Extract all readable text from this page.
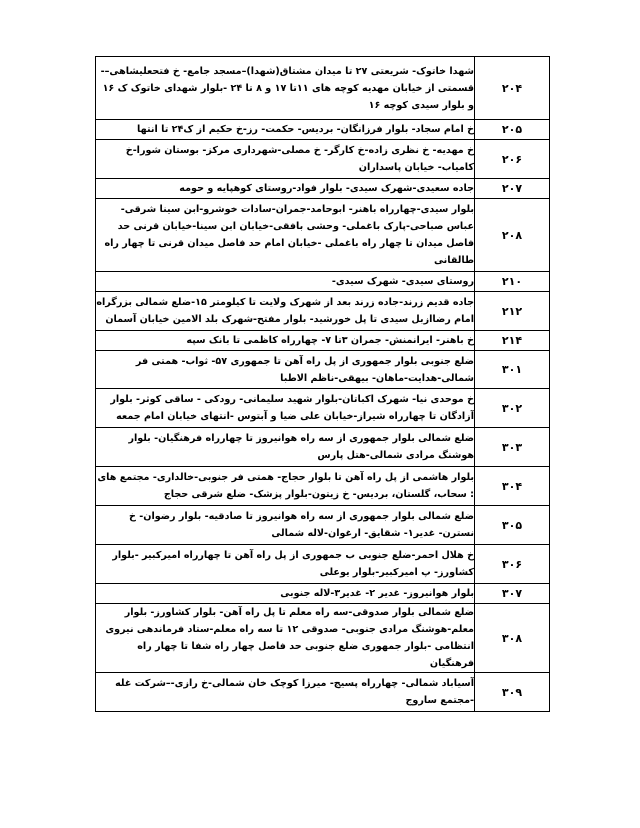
۲۰۴	شهدا خاتوک- شریعتی ۲۷ تا میدان مشتاق(شهدا)–مسجد جامع- خ فتحعلیشاهی–- قسمتی از خیابان مهدیه کوچه های ۱۱تا ۱۷ و ۸ تا ۲۴ -بلوار شهدای خاتوک ک ۱۶ و بلوار سیدی کوچه ۱۶
۲۰۵	خ امام سجاد- بلوار فرزانگان- بردیس- حکمت- رز-خ حکیم از ک۲۴ تا انتها
۲۰۶	خ مهدیه- خ نظری زاده-خ کارگر- خ مصلی-شهرداری مرکز- بوستان شورا-خ کامیاب- خیابان پاسداران
۲۰۷	جاده سعیدی-شهرک سیدی- بلوار فواد-روستای کوهپایه و حومه
۲۰۸	بلوار سیدی-چهارراه باهنر- ابوحامد-جمران-سادات خوشرو-ابن سینا شرقی-عباس صباحی-پارک باغملی- وحشی بافقی-خیابان ابن سینا-خیابان قرنی حد فاصل میدان تا چهار راه باغملی -خیابان امام حد فاصل میدان قرنی تا چهار راه طالقانی
۲۱۰	روستای سیدی- شهرک سیدی-
۲۱۲	جاده قدیم زرند-جاده زرند بعد از شهرک ولایت تا کیلومتر ۱۵-ضلع شمالی بزرگراه امام رضاازبل سیدی تا پل خورشید- بلوار مفتح-شهرک بلد الامین خیابان آسمان
۲۱۴	خ باهنر- ایرانمنش- جمران ۳تا ۷- چهارراه کاظمی تا بانک سپه
۳۰۱	ضلع جنوبی بلوار جمهوری از پل راه آهن تا جمهوری ۵۷- ثواب- همتی فر شمالی-هدایت-ماهان- بیهقی-ناظم الاطبا
۳۰۲	خ موحدی نیا- شهرک اکباتان-بلوار شهید سلیمانی- رودکی - ساقی کوثر- بلوار آزادگان تا چهارراه شیراز-خیابان علی ضیا و آبتوس -انتهای خیابان امام جمعه
۳۰۳	ضلع شمالی بلوار جمهوری از سه راه هوانیروز تا چهارراه فرهنگیان- بلوار هوشنگ مرادی شمالی-هتل پارس
۳۰۴	بلوار هاشمی از پل راه آهن تا بلوار حجاج- همتی فر جنوبی-خالداری- مجتمع های : سحاب، گلستان، بردیس- خ زیتون-بلوار پزشک- ضلع شرقی حجاج
۳۰۵	ضلع شمالی بلوار جمهوری از سه راه هوانیروز تا صادقیه- بلوار رضوان- خ نسترن- غدیر۱- شقایق- ارغوان-لاله شمالی
۳۰۶	خ هلال احمر-ضلع جنوبی ب جمهوری از پل راه آهن تا چهارراه امیرکبیر -بلوار کشاورز- پ امیرکبیر-بلوار یوعلی
۳۰۷	بلوار هوانیروز- غدیر ۲- غدیر۳-لاله جنوبی
۳۰۸	ضلع شمالی بلوار صدوقی-سه راه معلم تا پل راه آهن- بلوار کشاورز- بلوار معلم-هوشنگ مرادی جنوبی- صدوقی ۱۲ تا سه راه معلم-ستاد فرماندهی نیروی انتظامی -بلوار جمهوری ضلع جنوبی حد فاصل چهار راه شفا تا چهار راه فرهنگیان
۳۰۹	آسیاباد شمالی- چهارراه پسیج- میرزا کوچک خان شمالی-خ رازی-–شرکت غله -مجتمع ساروج
